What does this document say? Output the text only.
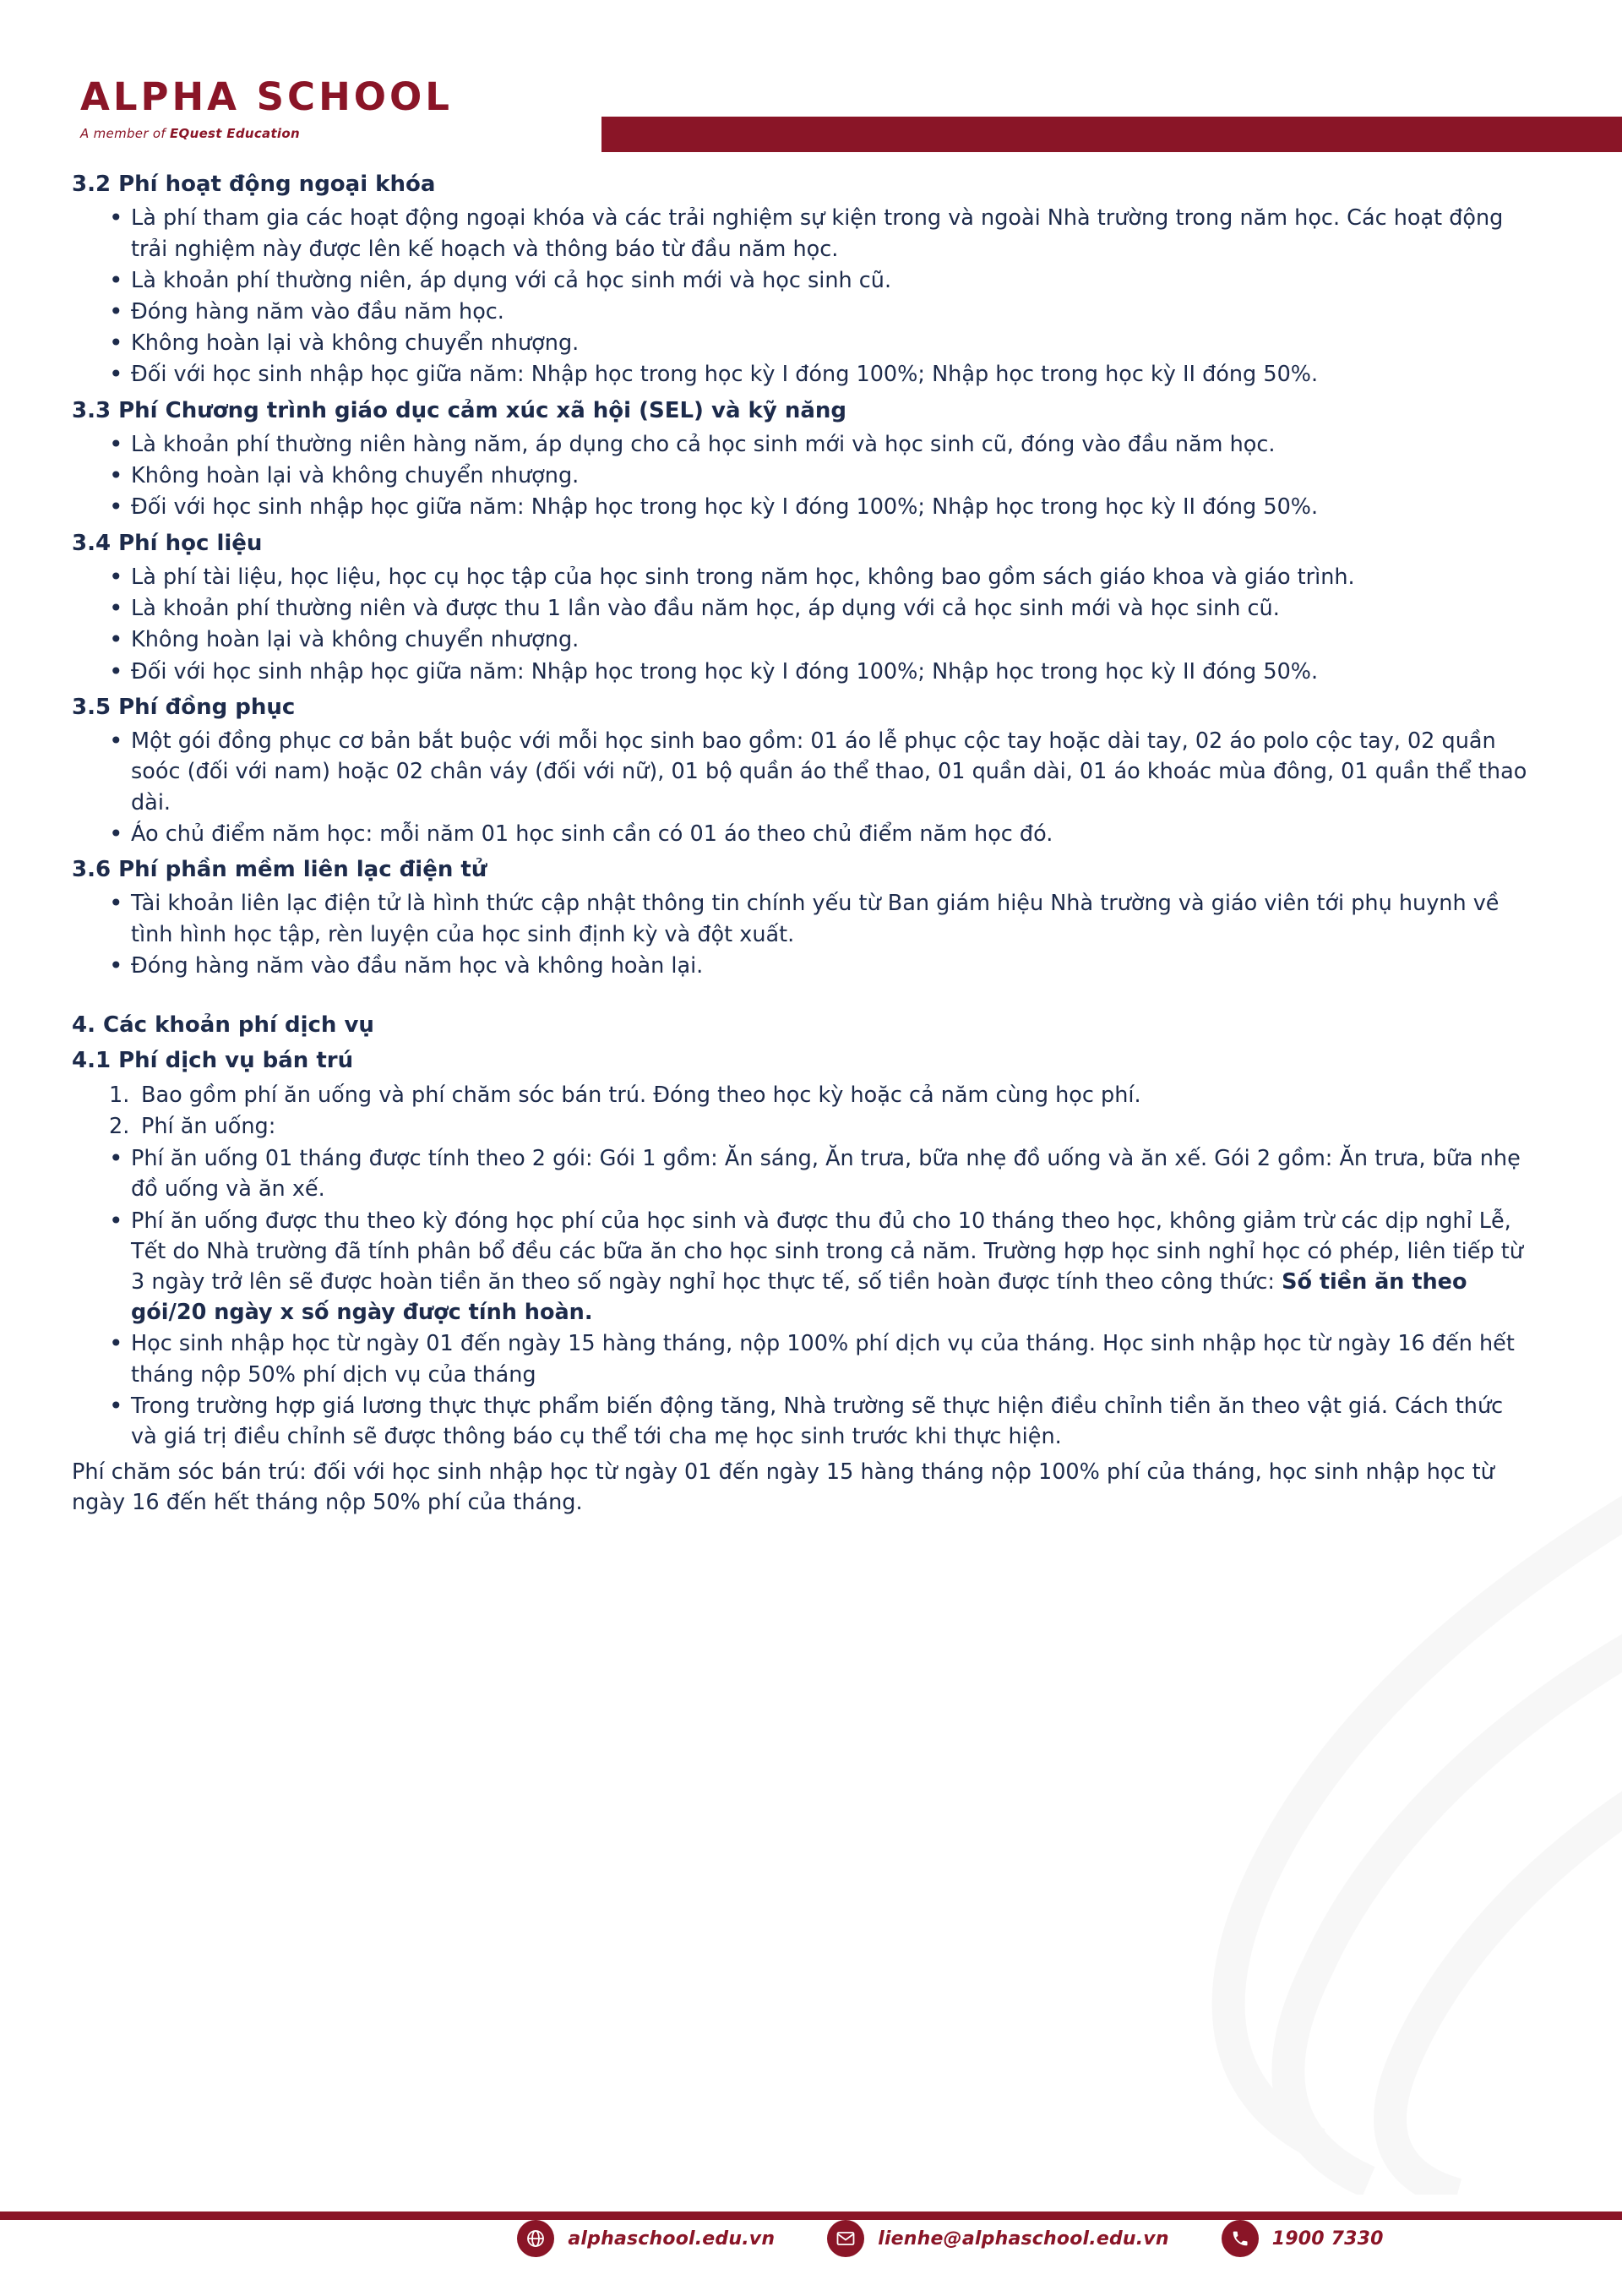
ALPHA SCHOOL
A member of EQuest Education
3.2 Phí hoạt động ngoại khóa
• Là phí tham gia các hoạt động ngoại khóa và các trải nghiệm sự kiện trong và ngoài Nhà trường trong năm học. Các hoạt động trải nghiệm này được lên kế hoạch và thông báo từ đầu năm học.
• Là khoản phí thường niên, áp dụng với cả học sinh mới và học sinh cũ.
• Đóng hàng năm vào đầu năm học.
• Không hoàn lại và không chuyển nhượng.
• Đối với học sinh nhập học giữa năm: Nhập học trong học kỳ I đóng 100%; Nhập học trong học kỳ II đóng 50%.
3.3 Phí Chương trình giáo dục cảm xúc xã hội (SEL) và kỹ năng
• Là khoản phí thường niên hàng năm, áp dụng cho cả học sinh mới và học sinh cũ, đóng vào đầu năm học.
• Không hoàn lại và không chuyển nhượng.
• Đối với học sinh nhập học giữa năm: Nhập học trong học kỳ I đóng 100%; Nhập học trong học kỳ II đóng 50%.
3.4 Phí học liệu
• Là phí tài liệu, học liệu, học cụ học tập của học sinh trong năm học, không bao gồm sách giáo khoa và giáo trình.
• Là khoản phí thường niên và được thu 1 lần vào đầu năm học, áp dụng với cả học sinh mới và học sinh cũ.
• Không hoàn lại và không chuyển nhượng.
• Đối với học sinh nhập học giữa năm: Nhập học trong học kỳ I đóng 100%; Nhập học trong học kỳ II đóng 50%.
3.5 Phí đồng phục
• Một gói đồng phục cơ bản bắt buộc với mỗi học sinh bao gồm: 01 áo lễ phục cộc tay hoặc dài tay, 02 áo polo cộc tay, 02 quần soóc (đối với nam) hoặc 02 chân váy (đối với nữ), 01 bộ quần áo thể thao, 01 quần dài, 01 áo khoác mùa đông, 01 quần thể thao dài.
• Áo chủ điểm năm học: mỗi năm 01 học sinh cần có 01 áo theo chủ điểm năm học đó.
3.6 Phí phần mềm liên lạc điện tử
• Tài khoản liên lạc điện tử là hình thức cập nhật thông tin chính yếu từ Ban giám hiệu Nhà trường và giáo viên tới phụ huynh về tình hình học tập, rèn luyện của học sinh định kỳ và đột xuất.
• Đóng hàng năm vào đầu năm học và không hoàn lại.
4. Các khoản phí dịch vụ
4.1 Phí dịch vụ bán trú
Bao gồm phí ăn uống và phí chăm sóc bán trú. Đóng theo học kỳ hoặc cả năm cùng học phí.
Phí ăn uống:
• Phí ăn uống 01 tháng được tính theo 2 gói: Gói 1 gồm: Ăn sáng, Ăn trưa, bữa nhẹ đồ uống và ăn xế. Gói 2 gồm: Ăn trưa, bữa nhẹ đồ uống và ăn xế.
• Phí ăn uống được thu theo kỳ đóng học phí của học sinh và được thu đủ cho 10 tháng theo học, không giảm trừ các dịp nghỉ Lễ, Tết do Nhà trường đã tính phân bổ đều các bữa ăn cho học sinh trong cả năm. Trường hợp học sinh nghỉ học có phép, liên tiếp từ 3 ngày trở lên sẽ được hoàn tiền ăn theo số ngày nghỉ học thực tế, số tiền hoàn được tính theo công thức: Số tiền ăn theo gói/20 ngày x số ngày được tính hoàn.
• Học sinh nhập học từ ngày 01 đến ngày 15 hàng tháng, nộp 100% phí dịch vụ của tháng. Học sinh nhập học từ ngày 16 đến hết tháng nộp 50% phí dịch vụ của tháng
• Trong trường hợp giá lương thực thực phẩm biến động tăng, Nhà trường sẽ thực hiện điều chỉnh tiền ăn theo vật giá. Cách thức và giá trị điều chỉnh sẽ được thông báo cụ thể tới cha mẹ học sinh trước khi thực hiện.

Phí chăm sóc bán trú: đối với học sinh nhập học từ ngày 01 đến ngày 15 hàng tháng nộp 100% phí của tháng, học sinh nhập học từ ngày 16 đến hết tháng nộp 50% phí của tháng.

alphaschool.edu.vn	lienhe@alphaschool.edu.vn	1900 7330
